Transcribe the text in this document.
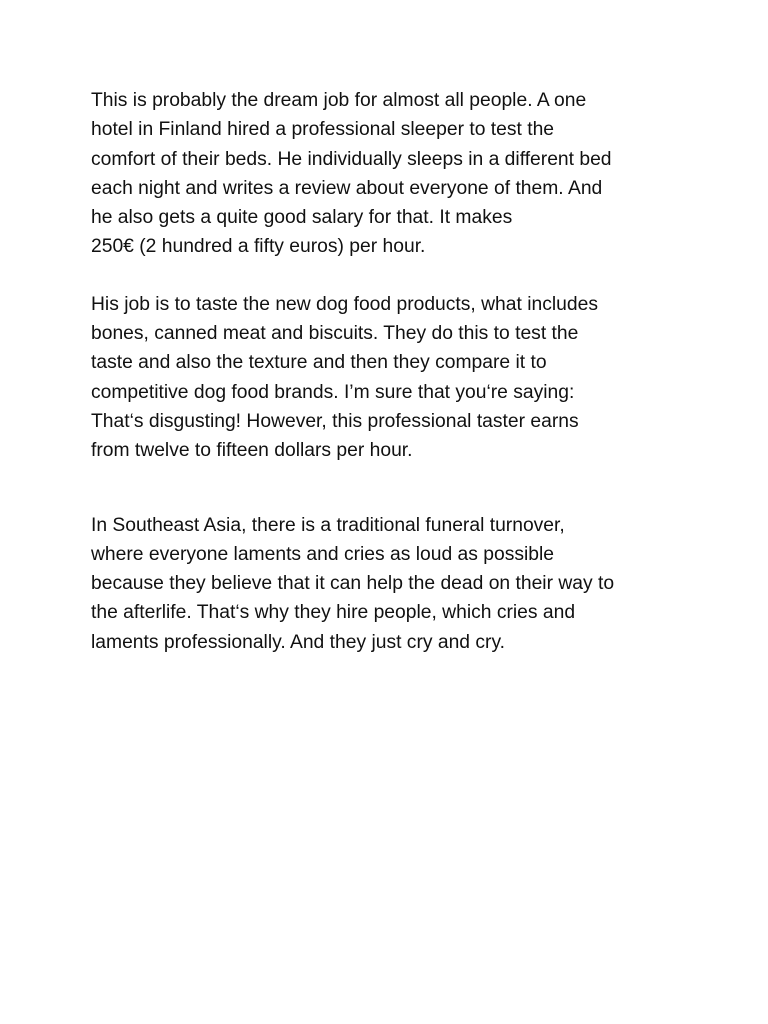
This is probably the dream job for almost all people. A one
hotel in Finland hired a professional sleeper to test the
comfort of their beds. He individually sleeps in a different bed
each night and writes a review about everyone of them. And
he also gets a quite good salary for that. It makes
250€ (2 hundred a fifty euros) per hour.

His job is to taste the new dog food products, what includes
bones, canned meat and biscuits. They do this to test the
taste and also the texture and then they compare it to
competitive dog food brands. I’m sure that you‘re saying:
That‘s disgusting! However, this professional taster earns
from twelve to fifteen dollars per hour.

In Southeast Asia, there is a traditional funeral turnover,
where everyone laments and cries as loud as possible
because they believe that it can help the dead on their way to
the afterlife. That‘s why they hire people, which cries and
laments professionally. And they just cry and cry.
